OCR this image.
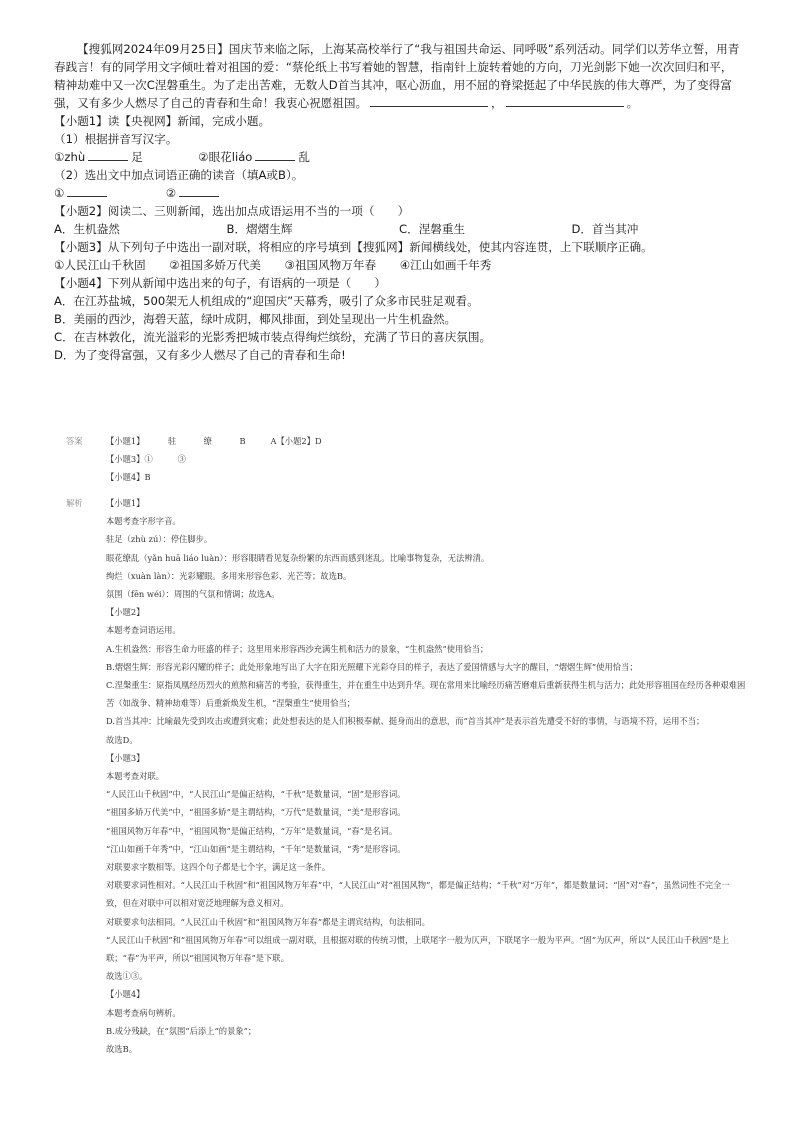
【搜狐网2024年09月25日】国庆节来临之际，上海某高校举行了“我与祖国共命运、同呼吸”系列活动。同学们以芳华立誓，用青春践言！有的同学用文字倾吐着对祖国的爱：“蔡伦纸上书写着她的智慧，指南针上旋转着她的方向，刀光剑影下她一次次回归和平，精神劫难中又一次C涅磐重生。为了走出苦难，无数人D首当其冲，呕心沥血，用不屈的脊梁挺起了中华民族的伟大尊严，为了变得富强，又有多少人燃尽了自己的青春和生命！我衷心祝愿祖国。	，	。

【小题1】读【央视网】新闻，完成小题。

（1）根据拼音写汉字。

①zhù	足	②眼花liáo	乱

（2）选出文中加点词语正确的读音（填A或B）。

①	②

【小题2】阅读二、三则新闻，选出加点成语运用不当的一项（　　）

A．生机盎然	B．熠熠生辉	C．涅磐重生	D．首当其冲

【小题3】从下列句子中选出一副对联，将相应的序号填到【搜狐网】新闻横线处，使其内容连贯，上下联顺序正确。

①人民江山千秋固 ②祖国多娇万代美 ③祖国风物万年春 ④江山如画千年秀

【小题4】下列从新闻中选出来的句子，有语病的一项是（　　）

A．在江苏盐城，500架无人机组成的“迎国庆”天幕秀，吸引了众多市民驻足观看。

B．美丽的西沙，海碧天蓝，绿叶成阴，椰风排面，到处呈现出一片生机盎然。

C．在吉林敦化，流光溢彩的光影秀把城市装点得绚烂缤纷，充满了节日的喜庆氛围。

D．为了变得富强，又有多少人燃尽了自己的青春和生命!

答案	【小题1】　　　 驻　　　 缭　　　 B　　　A【小题2】D

【小题3】①　　　③

【小题4】B

解析	【小题1】

本题考查字形字音。

驻足（zhù zú）：停住脚步。

眼花缭乱（yǎn huā liáo luàn）：形容眼睛看见复杂纷繁的东西而感到迷乱。比喻事物复杂，无法辨清。

绚烂（xuàn làn）：光彩耀眼。多用来形容色彩、光芒等；故选B。

氛围（fēn wéi）：周围的气氛和情调；故选A。

【小题2】

本题考查词语运用。

A.生机盎然：形容生命力旺盛的样子；这里用来形容西沙充满生机和活力的景象，“生机盎然”使用恰当；

B.熠熠生辉：形容光彩闪耀的样子；此处形象地写出了大字在阳光照耀下光彩夺目的样子，表达了爱国情感与大字的醒目，“熠熠生辉”使用恰当；

C.涅槃重生：原指凤凰经历烈火的煎熬和痛苦的考验，获得重生，并在重生中达到升华。现在常用来比喻经历痛苦磨难后重新获得生机与活力；此处形容祖国在经历各种艰难困苦（如战争、精神劫难等）后重新焕发生机，“涅槃重生”使用恰当；

D.首当其冲：比喻最先受到攻击或遭到灾难；此处想表达的是人们积极奉献、挺身而出的意思，而“首当其冲”是表示首先遭受不好的事情，与语境不符，运用不当；

故选D。

【小题3】

本题考查对联。

“人民江山千秋固”中，“人民江山”是偏正结构，“千秋”是数量词，“固”是形容词。

“祖国多娇万代美”中，“祖国多娇”是主谓结构，“万代”是数量词，“美”是形容词。

“祖国风物万年春”中，“祖国风物”是偏正结构，“万年”是数量词，“春”是名词。

“江山如画千年秀”中，“江山如画”是主谓结构，“千年”是数量词，“秀”是形容词。

对联要求字数相等。这四个句子都是七个字，满足这一条件。

对联要求词性相对。“人民江山千秋固”和“祖国风物万年春”中，“人民江山”对“祖国风物”，都是偏正结构；“千秋”对“万年”，都是数量词；“固”对“春”，虽然词性不完全一致，但在对联中可以相对宽泛地理解为意义相对。

对联要求句法相同。“人民江山千秋固”和“祖国风物万年春”都是主谓宾结构，句法相同。

“人民江山千秋固”和“祖国风物万年春”可以组成一副对联，且根据对联的传统习惯，上联尾字一般为仄声，下联尾字一般为平声。“固”为仄声，所以“人民江山千秋固”是上联；“春”为平声，所以“祖国风物万年春”是下联。

故选①③。

【小题4】

本题考查病句辨析。

B.成分残缺，在“氛围”后添上“的景象”；

故选B。
